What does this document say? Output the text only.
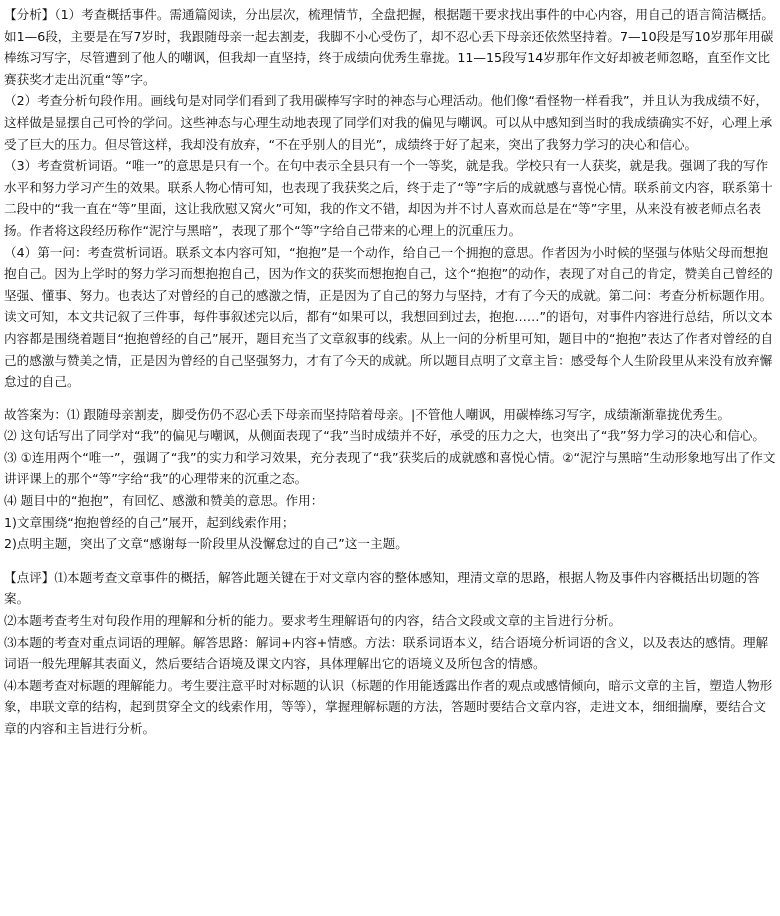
【分析】（1）考查概括事件。需通篇阅读，分出层次，梳理情节，全盘把握，根据题干要求找出事件的中心内容，用自己的语言简洁概括。如1—6段，主要是在写7岁时，我跟随母亲一起去割麦，我脚不小心受伤了，却不忍心丢下母亲还依然坚持着。7—10段是写10岁那年用碳棒练习写字，尽管遭到了他人的嘲讽，但我却一直坚持，终于成绩向优秀生靠拢。11—15段写14岁那年作文好却被老师忽略，直至作文比赛获奖才走出沉重“等”字。

（2）考查分析句段作用。画线句是对同学们看到了我用碳棒写字时的神态与心理活动。他们像“看怪物一样看我”，并且认为我成绩不好，这样做是显摆自己可怜的学问。这些神态与心理生动地表现了同学们对我的偏见与嘲讽。可以从中感知到当时的我成绩确实不好，心理上承受了巨大的压力。但尽管这样，我却没有放弃，“不在乎别人的目光”，成绩终于好了起来，突出了我努力学习的决心和信心。

（3）考查赏析词语。“唯一”的意思是只有一个。在句中表示全县只有一个一等奖，就是我。学校只有一人获奖，就是我。强调了我的写作水平和努力学习产生的效果。联系人物心情可知，也表现了我获奖之后，终于走了“等”字后的成就感与喜悦心情。联系前文内容，联系第十二段中的“我一直在“等”里面，这让我欣慰又窝火”可知，我的作文不错，却因为并不讨人喜欢而总是在“等”字里，从来没有被老师点名表扬。作者将这段经历称作“泥泞与黑暗”，表现了那个“等”字给自己带来的心理上的沉重压力。

（4）第一问：考查赏析词语。联系文本内容可知，“抱抱”是一个动作，给自己一个拥抱的意思。作者因为小时候的坚强与体贴父母而想抱抱自己。因为上学时的努力学习而想抱抱自己，因为作文的获奖而想抱抱自己，这个“抱抱”的动作，表现了对自己的肯定，赞美自己曾经的坚强、懂事、努力。也表达了对曾经的自己的感激之情，正是因为了自己的努力与坚持，才有了今天的成就。第二问：考查分析标题作用。读文可知，本文共记叙了三件事，每件事叙述完以后，都有“如果可以，我想回到过去，抱抱……”的语句，对事件内容进行总结，所以文本内容都是围绕着题目“抱抱曾经的自己”展开，题目充当了文章叙事的线索。从上一问的分析里可知，题目中的“抱抱”表达了作者对曾经的自己的感激与赞美之情，正是因为曾经的自己坚强努力，才有了今天的成就。所以题目点明了文章主旨：感受每个人生阶段里从来没有放弃懈怠过的自己。

故答案为：⑴ 跟随母亲割麦，脚受伤仍不忍心丢下母亲而坚持陪着母亲。|不管他人嘲讽，用碳棒练习写字，成绩渐渐靠拢优秀生。

⑵ 这句话写出了同学对“我”的偏见与嘲讽，从侧面表现了“我”当时成绩并不好，承受的压力之大，也突出了“我”努力学习的决心和信心。

⑶ ①连用两个“唯一”，强调了“我”的实力和学习效果，充分表现了“我”获奖后的成就感和喜悦心情。②“泥泞与黑暗”生动形象地写出了作文讲评课上的那个“等”字给“我”的心理带来的沉重之态。

⑷ 题目中的“抱抱”，有回忆、感激和赞美的意思。作用：

1)文章围绕“抱抱曾经的自己”展开，起到线索作用；

2)点明主题，突出了文章“感谢每一阶段里从没懈怠过的自己”这一主题。

【点评】⑴本题考查文章事件的概括，解答此题关键在于对文章内容的整体感知，理清文章的思路，根据人物及事件内容概括出切题的答案。

⑵本题考查考生对句段作用的理解和分析的能力。要求考生理解语句的内容，结合文段或文章的主旨进行分析。

⑶本题的考查对重点词语的理解。解答思路：解词+内容+情感。方法：联系词语本义，结合语境分析词语的含义，以及表达的感情。理解词语一般先理解其表面义，然后要结合语境及课文内容，具体理解出它的语境义及所包含的情感。

⑷本题考查对标题的理解能力。考生要注意平时对标题的认识（标题的作用能透露出作者的观点或感情倾向，暗示文章的主旨，塑造人物形象，串联文章的结构，起到贯穿全文的线索作用，等等），掌握理解标题的方法，答题时要结合文章内容，走进文本，细细揣摩，要结合文章的内容和主旨进行分析。
